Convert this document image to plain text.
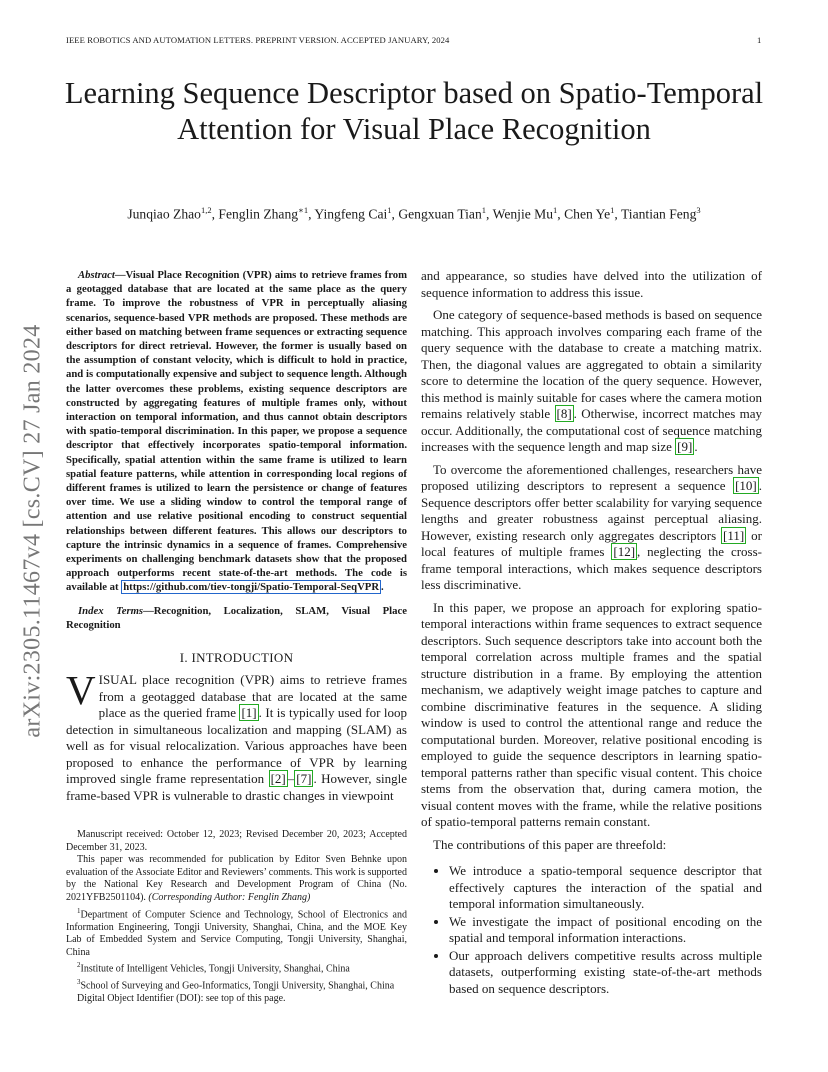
IEEE ROBOTICS AND AUTOMATION LETTERS. PREPRINT VERSION. ACCEPTED JANUARY, 2024	1
arXiv:2305.11467v4 [cs.CV] 27 Jan 2024
Learning Sequence Descriptor based on Spatio-Temporal Attention for Visual Place Recognition
Junqiao Zhao$^{1,2}$, Fenglin Zhang$^{∗1}$, Yingfeng Cai$^1$, Gengxuan Tian$^1$, Wenjie Mu$^1$, Chen Ye$^1$, Tiantian Feng$^3$

Abstract—Visual Place Recognition (VPR) aims to retrieve frames from a geotagged database that are located at the same place as the query frame. To improve the robustness of VPR in perceptually aliasing scenarios, sequence-based VPR methods are proposed. These methods are either based on matching between frame sequences or extracting sequence descriptors for direct retrieval. However, the former is usually based on the assumption of constant velocity, which is difficult to hold in practice, and is computationally expensive and subject to sequence length. Although the latter overcomes these problems, existing sequence descriptors are constructed by aggregating features of multiple frames only, without interaction on temporal information, and thus cannot obtain descriptors with spatio-temporal discrimination. In this paper, we propose a sequence descriptor that effectively incorporates spatio-temporal information. Specifically, spatial attention within the same frame is utilized to learn spatial feature patterns, while attention in corresponding local regions of different frames is utilized to learn the persistence or change of features over time. We use a sliding window to control the temporal range of attention and use relative positional encoding to construct sequential relationships between different features. This allows our descriptors to capture the intrinsic dynamics in a sequence of frames. Comprehensive experiments on challenging benchmark datasets show that the proposed approach outperforms recent state-of-the-art methods. The code is available at https://github.com/tiev-tongji/Spatio-Temporal-SeqVPR .

Index Terms—Recognition, Localization, SLAM, Visual Place Recognition

I. INTRODUCTION

VISUAL place recognition (VPR) aims to retrieve frames from a geotagged database that are located at the same place as the queried frame [1] . It is typically used for loop detection in simultaneous localization and mapping (SLAM) as well as for visual relocalization. Various approaches have been proposed to enhance the performance of VPR by learning improved single frame representation [2] – [7] . However, single frame-based VPR is vulnerable to drastic changes in viewpoint

Manuscript received: October 12, 2023; Revised December 20, 2023; Accepted December 31, 2023.

This paper was recommended for publication by Editor Sven Behnke upon evaluation of the Associate Editor and Reviewers’ comments. This work is supported by the National Key Research and Development Program of China (No. 2021YFB2501104). (Corresponding Author: Fenglin Zhang)

$^1$Department of Computer Science and Technology, School of Electronics and Information Engineering, Tongji University, Shanghai, China, and the MOE Key Lab of Embedded System and Service Computing, Tongji University, Shanghai, China

$^2$Institute of Intelligent Vehicles, Tongji University, Shanghai, China

$^3$School of Surveying and Geo-Informatics, Tongji University, Shanghai, China

Digital Object Identifier (DOI): see top of this page.

and appearance, so studies have delved into the utilization of sequence information to address this issue.

One category of sequence-based methods is based on sequence matching. This approach involves comparing each frame of the query sequence with the database to create a matching matrix. Then, the diagonal values are aggregated to obtain a similarity score to determine the location of the query sequence. However, this method is mainly suitable for cases where the camera motion remains relatively stable [8] . Otherwise, incorrect matches may occur. Additionally, the computational cost of sequence matching increases with the sequence length and map size [9] .

To overcome the aforementioned challenges, researchers have proposed utilizing descriptors to represent a sequence [10] . Sequence descriptors offer better scalability for varying sequence lengths and greater robustness against perceptual aliasing. However, existing research only aggregates descriptors [11] or local features of multiple frames [12] , neglecting the cross-frame temporal interactions, which makes sequence descriptors less discriminative.

In this paper, we propose an approach for exploring spatio-temporal interactions within frame sequences to extract sequence descriptors. Such sequence descriptors take into account both the temporal correlation across multiple frames and the spatial structure distribution in a frame. By employing the attention mechanism, we adaptively weight image patches to capture and combine discriminative features in the sequence. A sliding window is used to control the attentional range and reduce the computational burden. Moreover, relative positional encoding is employed to guide the sequence descriptors in learning spatio-temporal patterns rather than specific visual content. This choice stems from the observation that, during camera motion, the visual content moves with the frame, while the relative positions of spatio-temporal patterns remain constant.

The contributions of this paper are threefold:

• We introduce a spatio-temporal sequence descriptor that effectively captures the interaction of the spatial and temporal information simultaneously.
• We investigate the impact of positional encoding on the spatial and temporal information interactions.
• Our approach delivers competitive results across multiple datasets, outperforming existing state-of-the-art methods based on sequence descriptors.
